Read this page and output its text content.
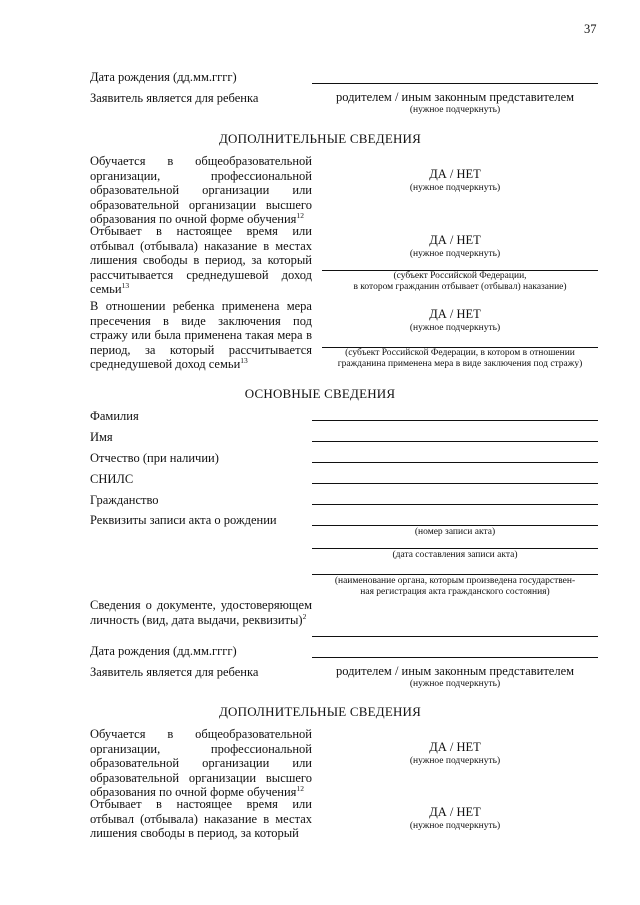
37
Дата рождения (дд.мм.гггг)
Заявитель является для ребенка	родителем / иным законным представителем
(нужное подчеркнуть)
ДОПОЛНИТЕЛЬНЫЕ СВЕДЕНИЯ
Обучается в общеобразовательной организации, профессиональной образовательной организации или образовательной организации высшего образования по очной форме обучения$^{12}$
ДА / НЕТ
(нужное подчеркнуть)
Отбывает в настоящее время или отбывал (отбывала) наказание в местах лишения свободы в период, за который рассчитывается среднедушевой доход семьи$^{13}$
ДА / НЕТ
(нужное подчеркнуть)
(субъект Российской Федерации,
в котором гражданин отбывает (отбывал) наказание)
В отношении ребенка применена мера пресечения в виде заключения под стражу или была применена такая мера в период, за который рассчитывается среднедушевой доход семьи$^{13}$
ДА / НЕТ
(нужное подчеркнуть)
(субъект Российской Федерации, в котором в отношении
гражданина применена мера в виде заключения под стражу)
ОСНОВНЫЕ СВЕДЕНИЯ
Фамилия
Имя
Отчество (при наличии)
СНИЛС
Гражданство
Реквизиты записи акта о рождении
(номер записи акта)
(дата составления записи акта)
(наименование органа, которым произведена государствен-
ная регистрация акта гражданского состояния)
Сведения о документе, удостоверяющем личность (вид, дата выдачи, реквизиты)$^2$
Дата рождения (дд.мм.гггг)
Заявитель является для ребенка	родителем / иным законным представителем
(нужное подчеркнуть)
ДОПОЛНИТЕЛЬНЫЕ СВЕДЕНИЯ
Обучается в общеобразовательной организации, профессиональной образовательной организации или образовательной организации высшего образования по очной форме обучения$^{12}$
ДА / НЕТ
(нужное подчеркнуть)
Отбывает в настоящее время или отбывал (отбывала) наказание в местах лишения свободы в период, за который
ДА / НЕТ
(нужное подчеркнуть)
